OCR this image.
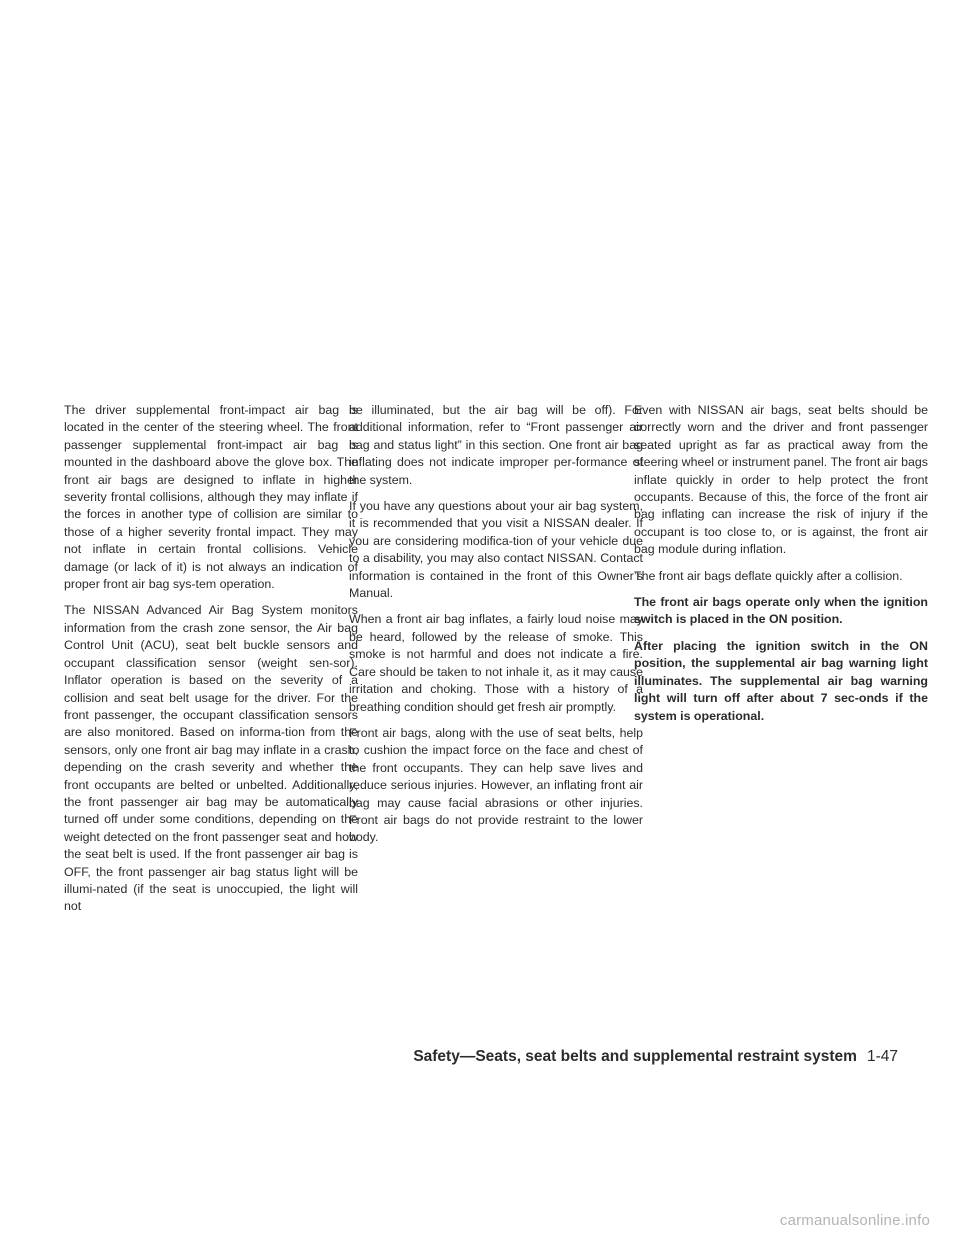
The driver supplemental front-impact air bag is located in the center of the steering wheel. The front passenger supplemental front-impact air bag is mounted in the dashboard above the glove box. The front air bags are designed to inflate in higher severity frontal collisions, although they may inflate if the forces in another type of collision are similar to those of a higher severity frontal impact. They may not inflate in certain frontal collisions. Vehicle damage (or lack of it) is not always an indication of proper front air bag sys-tem operation.

The NISSAN Advanced Air Bag System monitors information from the crash zone sensor, the Air bag Control Unit (ACU), seat belt buckle sensors and occupant classification sensor (weight sen-sor). Inflator operation is based on the severity of a collision and seat belt usage for the driver. For the front passenger, the occupant classification sensors are also monitored. Based on informa-tion from the sensors, only one front air bag may inflate in a crash, depending on the crash severity and whether the front occupants are belted or unbelted. Additionally, the front passenger air bag may be automatically turned off under some conditions, depending on the weight detected on the front passenger seat and how the seat belt is used. If the front passenger air bag is OFF, the front passenger air bag status light will be illumi-nated (if the seat is unoccupied, the light will not

be illuminated, but the air bag will be off). For additional information, refer to “Front passenger air bag and status light” in this section. One front air bag inflating does not indicate improper per-formance of the system.

If you have any questions about your air bag system, it is recommended that you visit a NISSAN dealer. If you are considering modifica-tion of your vehicle due to a disability, you may also contact NISSAN. Contact information is contained in the front of this Owner’s Manual.

When a front air bag inflates, a fairly loud noise may be heard, followed by the release of smoke. This smoke is not harmful and does not indicate a fire. Care should be taken to not inhale it, as it may cause irritation and choking. Those with a history of a breathing condition should get fresh air promptly.

Front air bags, along with the use of seat belts, help to cushion the impact force on the face and chest of the front occupants. They can help save lives and reduce serious injuries. However, an inflating front air bag may cause facial abrasions or other injuries. Front air bags do not provide restraint to the lower body.

Even with NISSAN air bags, seat belts should be correctly worn and the driver and front passenger seated upright as far as practical away from the steering wheel or instrument panel. The front air bags inflate quickly in order to help protect the front occupants. Because of this, the force of the front air bag inflating can increase the risk of injury if the occupant is too close to, or is against, the front air bag module during inflation.

The front air bags deflate quickly after a collision.

The front air bags operate only when the ignition switch is placed in the ON position.

After placing the ignition switch in the ON position, the supplemental air bag warning light illuminates. The supplemental air bag warning light will turn off after about 7 sec-onds if the system is operational.

Safety—Seats, seat belts and supplemental restraint system 1-47
carmanualsonline.info
